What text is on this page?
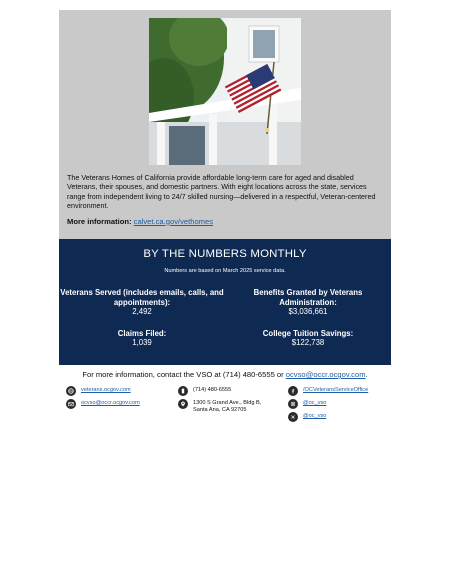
The Veterans Homes of California provide affordable long-term care for aged and disabled Veterans, their spouses, and domestic partners. With eight locations across the state, services range from independent living to 24/7 skilled nursing—delivered in a respectful, Veteran-centered environment.

More information: calvet.ca.gov/vethomes

BY THE NUMBERS MONTHLY

Numbers are based on March 2025 service data.

Veterans Served (includes emails, calls, and appointments):
2,492
Benefits Granted by Veterans Administration:
$3,036,661
Claims Filed:
1,039
College Tuition Savings:
$122,738

For more information, contact the VSO at (714) 480-6555 or ocvso@occr.ocgov.com.

veterans.ocgov.com
ocvso@occr.ocgov.com
(714) 480-6555
1300 S Grand Ave., Bldg B, Santa Ana, CA 92705
/OCVeteransServiceOffice
@oc_vso
@oc_vso
